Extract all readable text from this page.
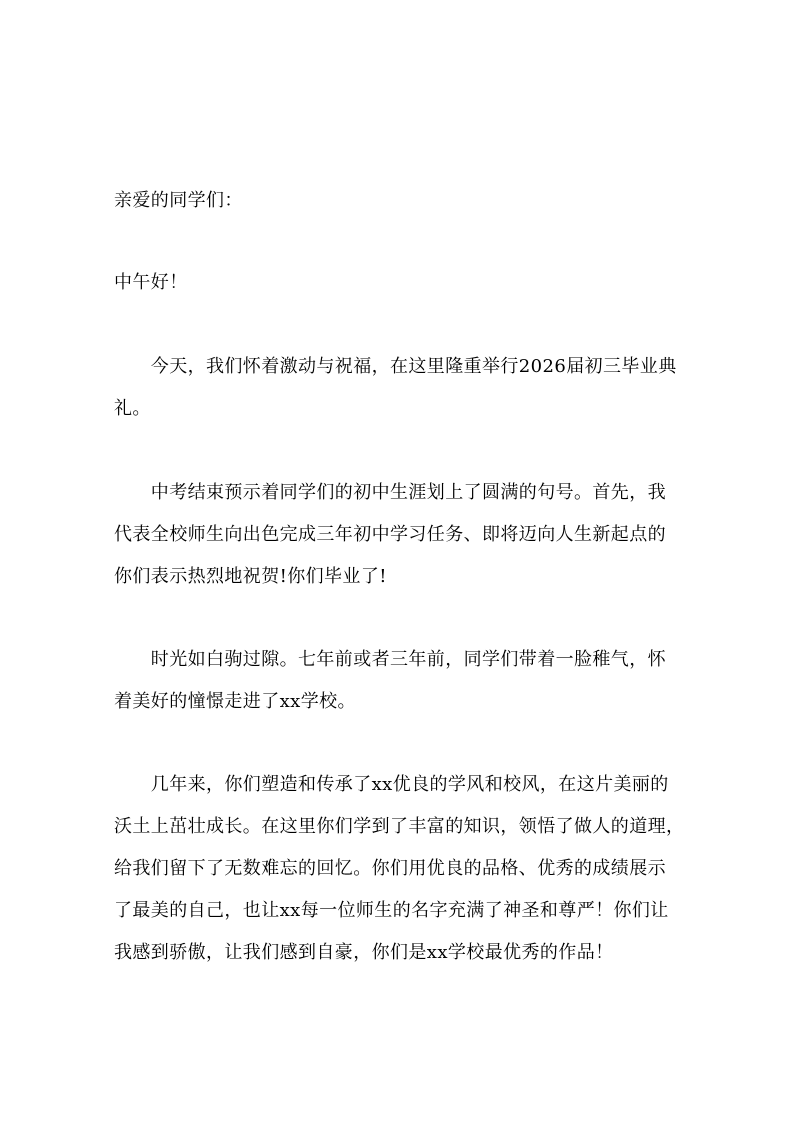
亲爱的同学们：
中午好！
　　今天，我们怀着激动与祝福，在这里隆重举行2026届初三毕业典
礼。
　　中考结束预示着同学们的初中生涯划上了圆满的句号。首先，我
代表全校师生向出色完成三年初中学习任务、即将迈向人生新起点的
你们表示热烈地祝贺!你们毕业了!
　　时光如白驹过隙。七年前或者三年前，同学们带着一脸稚气，怀
着美好的憧憬走进了xx学校。
　　几年来，你们塑造和传承了xx优良的学风和校风，在这片美丽的
沃土上茁壮成长。在这里你们学到了丰富的知识，领悟了做人的道理，
给我们留下了无数难忘的回忆。你们用优良的品格、优秀的成绩展示
了最美的自己，也让xx每一位师生的名字充满了神圣和尊严！你们让
我感到骄傲，让我们感到自豪，你们是xx学校最优秀的作品！
